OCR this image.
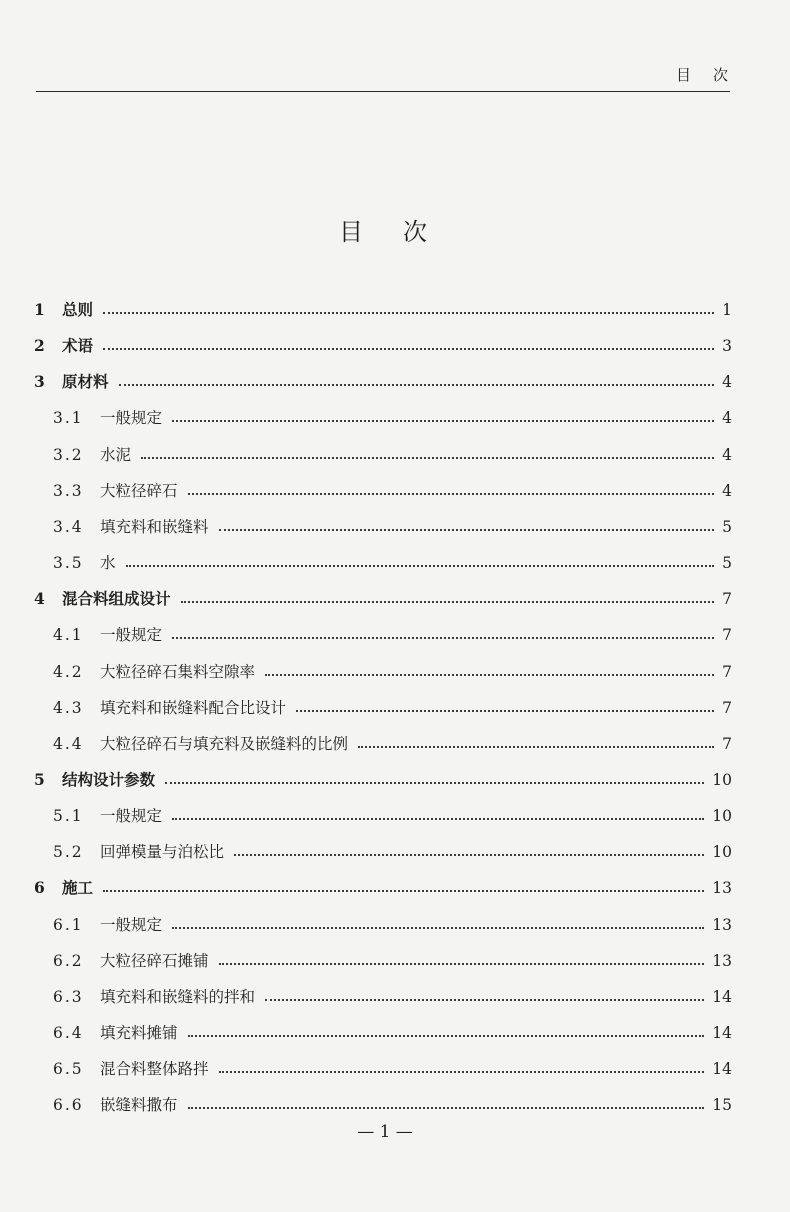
目 次
目 次
1 总则	1
2 术语	3
3 原材料	4
3.1 一般规定	4
3.2 水泥	4
3.3 大粒径碎石	4
3.4 填充料和嵌缝料	5
3.5 水	5
4 混合料组成设计	7
4.1 一般规定	7
4.2 大粒径碎石集料空隙率	7
4.3 填充料和嵌缝料配合比设计	7
4.4 大粒径碎石与填充料及嵌缝料的比例	7
5 结构设计参数	10
5.1 一般规定	10
5.2 回弹模量与泊松比	10
6 施工	13
6.1 一般规定	13
6.2 大粒径碎石摊铺	13
6.3 填充料和嵌缝料的拌和	14
6.4 填充料摊铺	14
6.5 混合料整体路拌	14
6.6 嵌缝料撒布	15
— 1 —
